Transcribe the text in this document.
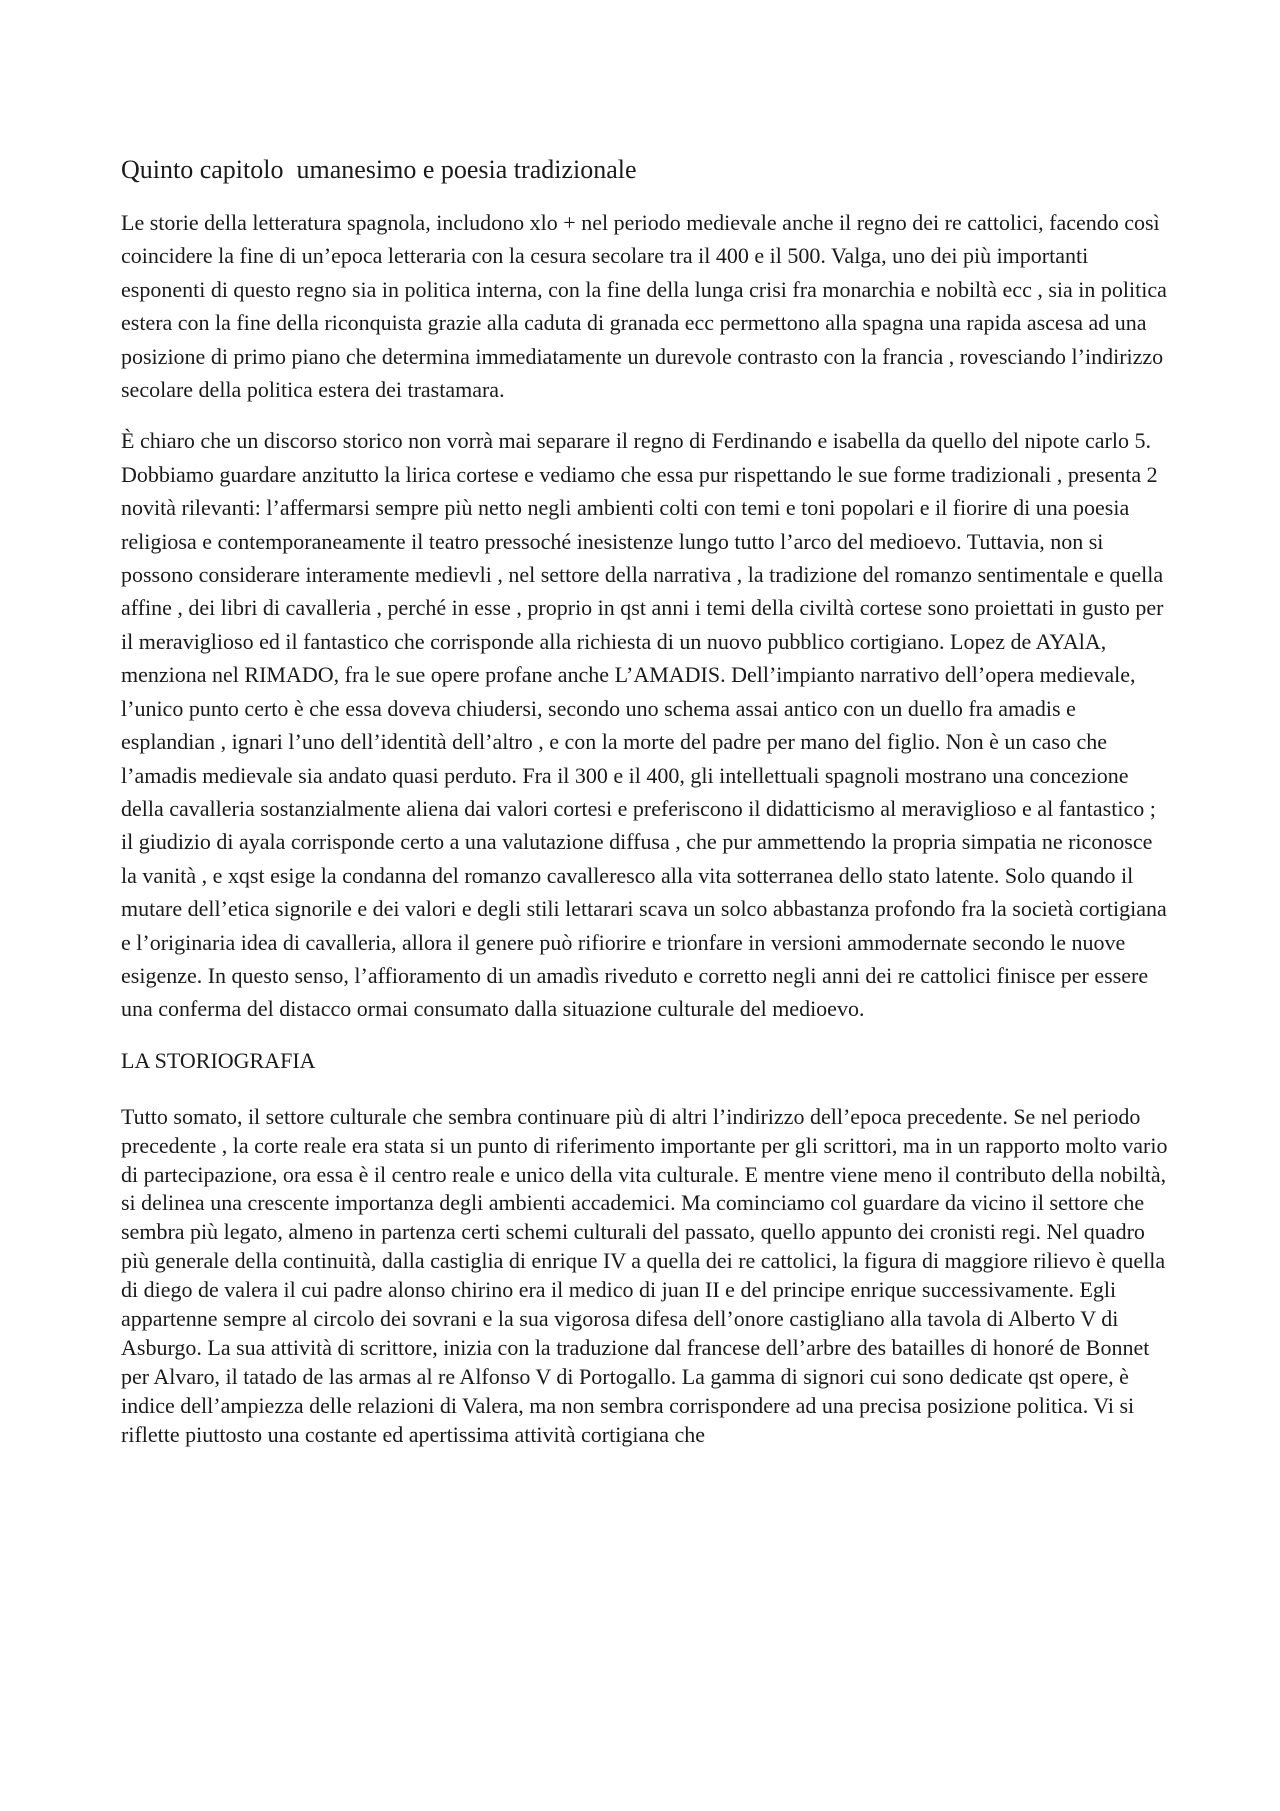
Quinto capitolo  umanesimo e poesia tradizionale

Le storie della letteratura spagnola, includono xlo + nel periodo medievale anche il regno dei re cattolici, facendo così coincidere la fine di un’epoca letteraria con la cesura secolare tra il 400 e il 500. Valga, uno dei più importanti esponenti di questo regno sia in politica interna, con la fine della lunga crisi fra monarchia e nobiltà ecc , sia in politica estera con la fine della riconquista grazie alla caduta di granada ecc permettono alla spagna una rapida ascesa ad una posizione di primo piano che determina immediatamente un durevole contrasto con la francia , rovesciando l’indirizzo secolare della politica estera dei trastamara.

È chiaro che un discorso storico non vorrà mai separare il regno di Ferdinando e isabella da quello del nipote carlo 5. Dobbiamo guardare anzitutto la lirica cortese e vediamo che essa pur rispettando le sue forme tradizionali , presenta 2 novità rilevanti: l’affermarsi sempre più netto negli ambienti colti con temi e toni popolari e il fiorire di una poesia religiosa e contemporaneamente il teatro pressoché inesistenze lungo tutto l’arco del medioevo. Tuttavia, non si possono considerare interamente medievli , nel settore della narrativa , la tradizione del romanzo sentimentale e quella affine , dei libri di cavalleria , perché in esse , proprio in qst anni i temi della civiltà cortese sono proiettati in gusto per il meraviglioso ed il fantastico che corrisponde alla richiesta di un nuovo pubblico cortigiano. Lopez de AYAlA, menziona nel RIMADO, fra le sue opere profane anche L’AMADIS. Dell’impianto narrativo dell’opera medievale, l’unico punto certo è che essa doveva chiudersi, secondo uno schema assai antico con un duello fra amadis e esplandian , ignari l’uno dell’identità dell’altro , e con la morte del padre per mano del figlio. Non è un caso che l’amadis medievale sia andato quasi perduto. Fra il 300 e il 400, gli intellettuali spagnoli mostrano una concezione della cavalleria sostanzialmente aliena dai valori cortesi e preferiscono il didatticismo al meraviglioso e al fantastico ; il giudizio di ayala corrisponde certo a una valutazione diffusa , che pur ammettendo la propria simpatia ne riconosce la vanità , e xqst esige la condanna del romanzo cavalleresco alla vita sotterranea dello stato latente. Solo quando il mutare dell’etica signorile e dei valori e degli stili lettarari scava un solco abbastanza profondo fra la società cortigiana e l’originaria idea di cavalleria, allora il genere può rifiorire e trionfare in versioni ammodernate secondo le nuove esigenze. In questo senso, l’affioramento di un amadìs riveduto e corretto negli anni dei re cattolici finisce per essere una conferma del distacco ormai consumato dalla situazione culturale del medioevo.

LA STORIOGRAFIA

Tutto somato, il settore culturale che sembra continuare più di altri l’indirizzo dell’epoca precedente. Se nel periodo precedente , la corte reale era stata si un punto di riferimento importante per gli scrittori, ma in un rapporto molto vario di partecipazione, ora essa è il centro reale e unico della vita culturale. E mentre viene meno il contributo della nobiltà, si delinea una crescente importanza degli ambienti accademici. Ma cominciamo col guardare da vicino il settore che sembra più legato, almeno in partenza certi schemi culturali del passato, quello appunto dei cronisti regi. Nel quadro più generale della continuità, dalla castiglia di enrique IV a quella dei re cattolici, la figura di maggiore rilievo è quella di diego de valera il cui padre alonso chirino era il medico di juan II e del principe enrique successivamente. Egli appartenne sempre al circolo dei sovrani e la sua vigorosa difesa dell’onore castigliano alla tavola di Alberto V di Asburgo. La sua attività di scrittore, inizia con la traduzione dal francese dell’arbre des batailles di honoré de Bonnet per Alvaro, il tatado de las armas al re Alfonso V di Portogallo. La gamma di signori cui sono dedicate qst opere, è indice dell’ampiezza delle relazioni di Valera, ma non sembra corrispondere ad una precisa posizione politica. Vi si riflette piuttosto una costante ed apertissima attività cortigiana che
